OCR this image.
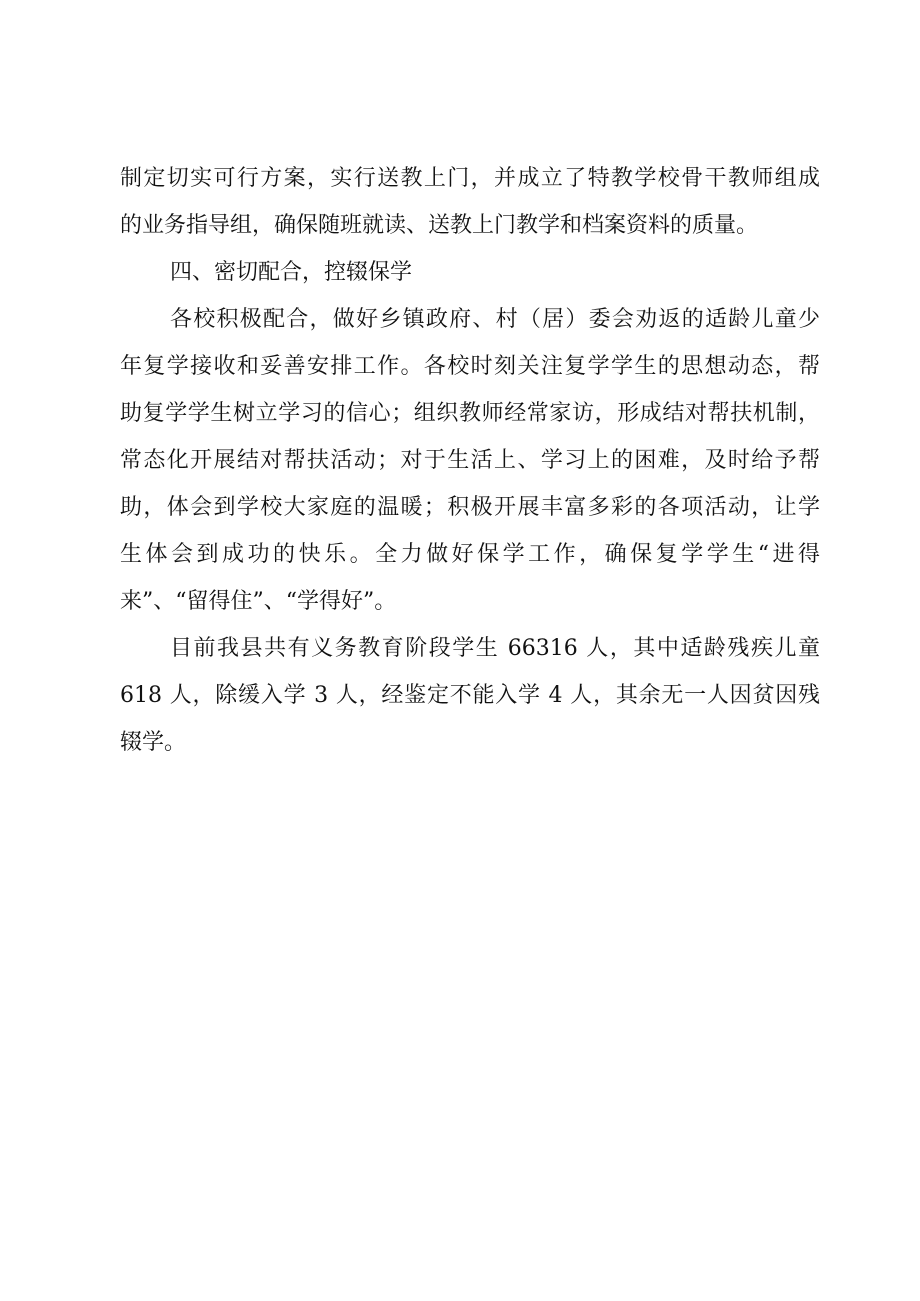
制定切实可行方案，实行送教上门，并成立了特教学校骨干教师组成
的业务指导组，确保随班就读、送教上门教学和档案资料的质量。
四、密切配合，控辍保学
各校积极配合，做好乡镇政府、村（居）委会劝返的适龄儿童少
年复学接收和妥善安排工作。各校时刻关注复学学生的思想动态，帮
助复学学生树立学习的信心；组织教师经常家访，形成结对帮扶机制，
常态化开展结对帮扶活动；对于生活上、学习上的困难，及时给予帮
助，体会到学校大家庭的温暖；积极开展丰富多彩的各项活动，让学
生体会到成功的快乐。全力做好保学工作，确保复学学生“进得
来”、“留得住”、“学得好”。
目前我县共有义务教育阶段学生 66316 人，其中适龄残疾儿童
618 人，除缓入学 3 人，经鉴定不能入学 4 人，其余无一人因贫因残
辍学。
